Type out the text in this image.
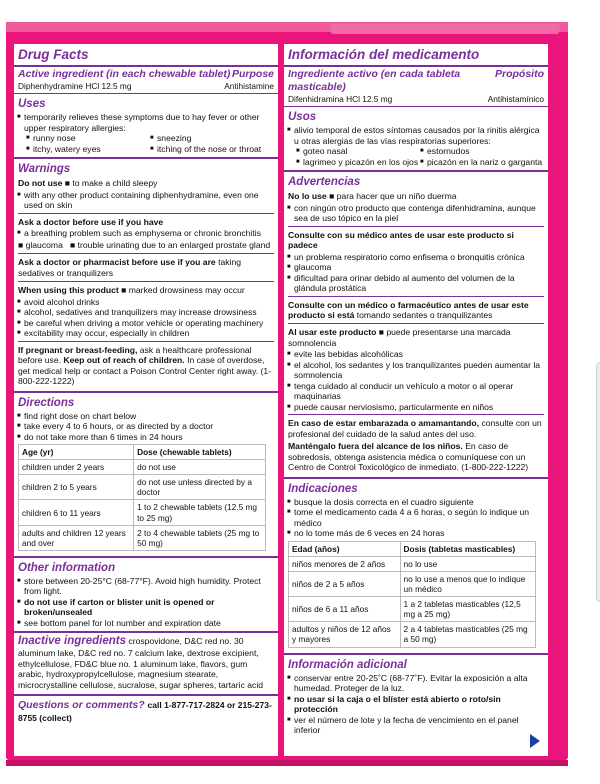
Drug Facts
Active ingredient (in each chewable tablet) Purpose
Diphenhydramine HCl 12.5 mg	Antihistamine
Uses
■ temporarily relieves these symptoms due to hay fever or other upper respiratory allergies:
■ runny nose	■ sneezing
■ itchy, watery eyes	■ itching of the nose or throat
Warnings
Do not use ■ to make a child sleepy
■ with any other product containing diphenhydramine, even one used on skin
Ask a doctor before use if you have
■ a breathing problem such as emphysema or chronic bronchitis
■ glaucoma   ■ trouble urinating due to an enlarged prostate gland
Ask a doctor or pharmacist before use if you are taking sedatives or tranquilizers
When using this product ■ marked drowsiness may occur
■ avoid alcohol drinks
■ alcohol, sedatives and tranquilizers may increase drowsiness
■ be careful when driving a motor vehicle or operating machinery
■ excitability may occur, especially in children
If pregnant or breast-feeding, ask a healthcare professional before use. Keep out of reach of children. In case of overdose, get medical help or contact a Poison Control Center right away. (1-800-222-1222)
Directions
■ find right dose on chart below
■ take every 4 to 6 hours, or as directed by a doctor
■ do not take more than 6 times in 24 hours
Age (yr)	Dose (chewable tablets)
children under 2 years	do not use
children 2 to 5 years	do not use unless directed by a doctor
children 6 to 11 years	1 to 2 chewable tablets (12.5 mg to 25 mg)
adults and children 12 years and over	2 to 4 chewable tablets (25 mg to 50 mg)
Other information
■ store between 20-25°C (68-77°F). Avoid high humidity. Protect from light.
■ do not use if carton or blister unit is opened or broken/unsealed
■ see bottom panel for lot number and expiration date
Inactive ingredients crospovidone, D&C red no. 30 aluminum lake, D&C red no. 7 calcium lake, dextrose excipient, ethylcellulose, FD&C blue no. 1 aluminum lake, flavors, gum arabic, hydroxypropylcellulose, magnesium stearate, microcrystalline cellulose, sucralose, sugar spheres, tartaric acid
Questions or comments? call 1-877-717-2824 or 215-273-8755 (collect)
Información del medicamento
Ingrediente activo (en cada tableta masticable)
Propósito
Difenhidramina HCl 12.5 mg	Antihistamínico
Usos
■ alivio temporal de estos síntomas causados por la rinitis alérgica u otras alergias de las vías respiratorias superiores:
■ goteo nasal	■ estornudos
■ lagrimeo y picazón en los ojos	■ picazón en la nariz o garganta
Advertencias
No lo use ■ para hacer que un niño duerma
■ con ningún otro producto que contenga difenhidramina, aunque sea de uso tópico en la piel
Consulte con su médico antes de usar este producto si padece
■ un problema respiratorio como enfisema o bronquitis crónica
■ glaucoma
■ dificultad para orinar debido al aumento del volumen de la glándula prostática
Consulte con un médico o farmacéutico antes de usar este producto si está tomando sedantes o tranquilizantes
Al usar este producto ■ puede presentarse una marcada somnolencia
■ evite las bebidas alcohólicas
■ el alcohol, los sedantes y los tranquilizantes pueden aumentar la somnolencia
■ tenga cuidado al conducir un vehículo a motor o al operar maquinarias
■ puede causar nerviosismo, particularmente en niños
En caso de estar embarazada o amamantando, consulte con un profesional del cuidado de la salud antes del uso.
Manténgalo fuera del alcance de los niños. En caso de sobredosis, obtenga asistencia médica o comuníquese con un Centro de Control Toxicológico de inmediato. (1-800-222-1222)
Indicaciones
■ busque la dosis correcta en el cuadro siguiente
■ tome el medicamento cada 4 a 6 horas, o según lo indique un médico
■ no lo tome más de 6 veces en 24 horas
Edad (años)	Dosis (tabletas masticables)
niños menores de 2 años	no lo use
niños de 2 a 5 años	no lo use a menos que lo indique un médico
niños de 6 a 11 años	1 a 2 tabletas masticables (12,5 mg a 25 mg)
adultos y niños de 12 años y mayores	2 a 4 tabletas masticables (25 mg a 50 mg)
Información adicional
■ conservar entre 20-25˚C (68-77˚F). Evitar la exposición a alta humedad. Proteger de la luz.
■ no usar si la caja o el blíster está abierto o roto/sin protección
■ ver el número de lote y la fecha de vencimiento en el panel inferior
